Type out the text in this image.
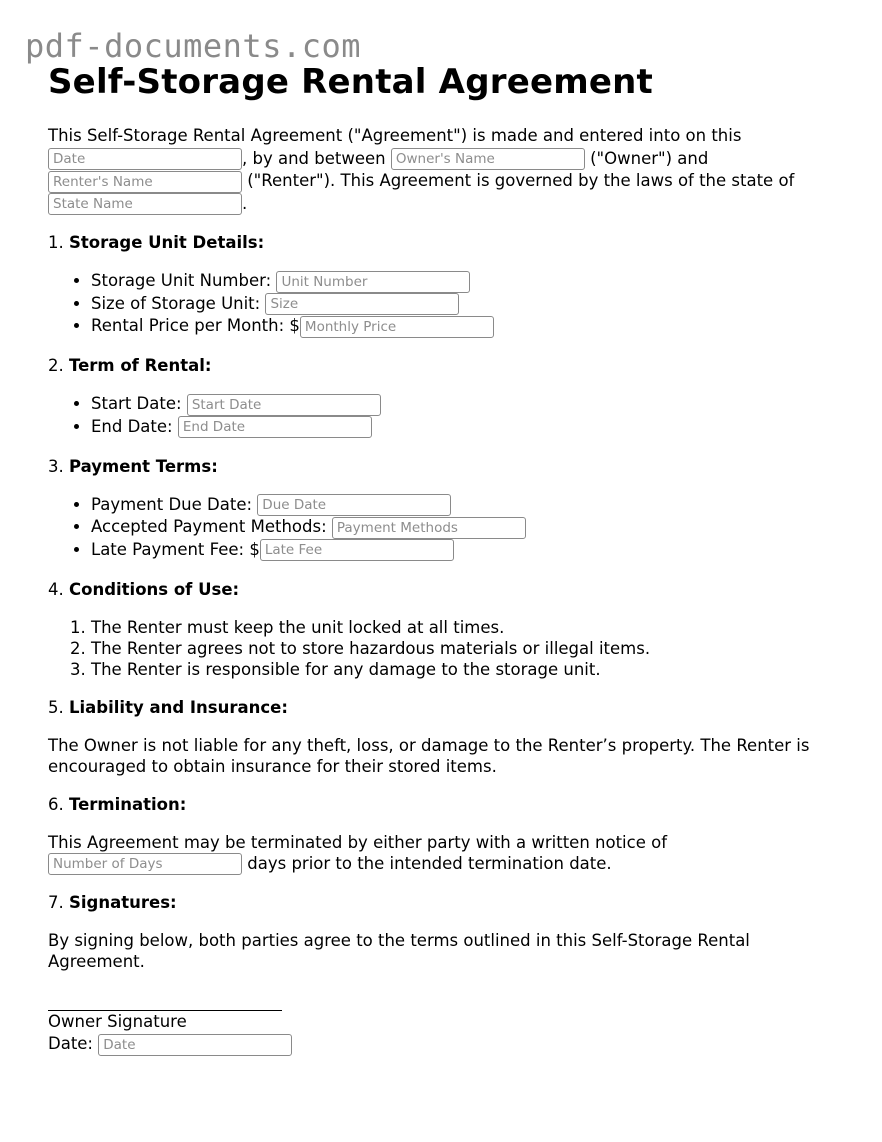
pdf-documents.com
Self-Storage Rental Agreement

This Self-Storage Rental Agreement ("Agreement") is made and entered into on this
Date, by and between Owner's Name	("Owner") and
Renter's Name ("Renter"). This Agreement is governed by the laws of the state of
State Name.

1. Storage Unit Details:

• Storage Unit Number: Unit Number
• Size of Storage Unit: Size
• Rental Price per Month: $Monthly Price

2. Term of Rental:

• Start Date: Start Date
• End Date: End Date

3. Payment Terms:

• Payment Due Date: Due Date
• Accepted Payment Methods: Payment Methods
• Late Payment Fee: $Late Fee

4. Conditions of Use:

1. The Renter must keep the unit locked at all times.
2. The Renter agrees not to store hazardous materials or illegal items.
3. The Renter is responsible for any damage to the storage unit.

5. Liability and Insurance:

The Owner is not liable for any theft, loss, or damage to the Renter’s property. The Renter is encouraged to obtain insurance for their stored items.

6. Termination:

This Agreement may be terminated by either party with a written notice of
Number of Days days prior to the intended termination date.

7. Signatures:

By signing below, both parties agree to the terms outlined in this Self-Storage Rental Agreement.

Owner Signature

Date: Date
